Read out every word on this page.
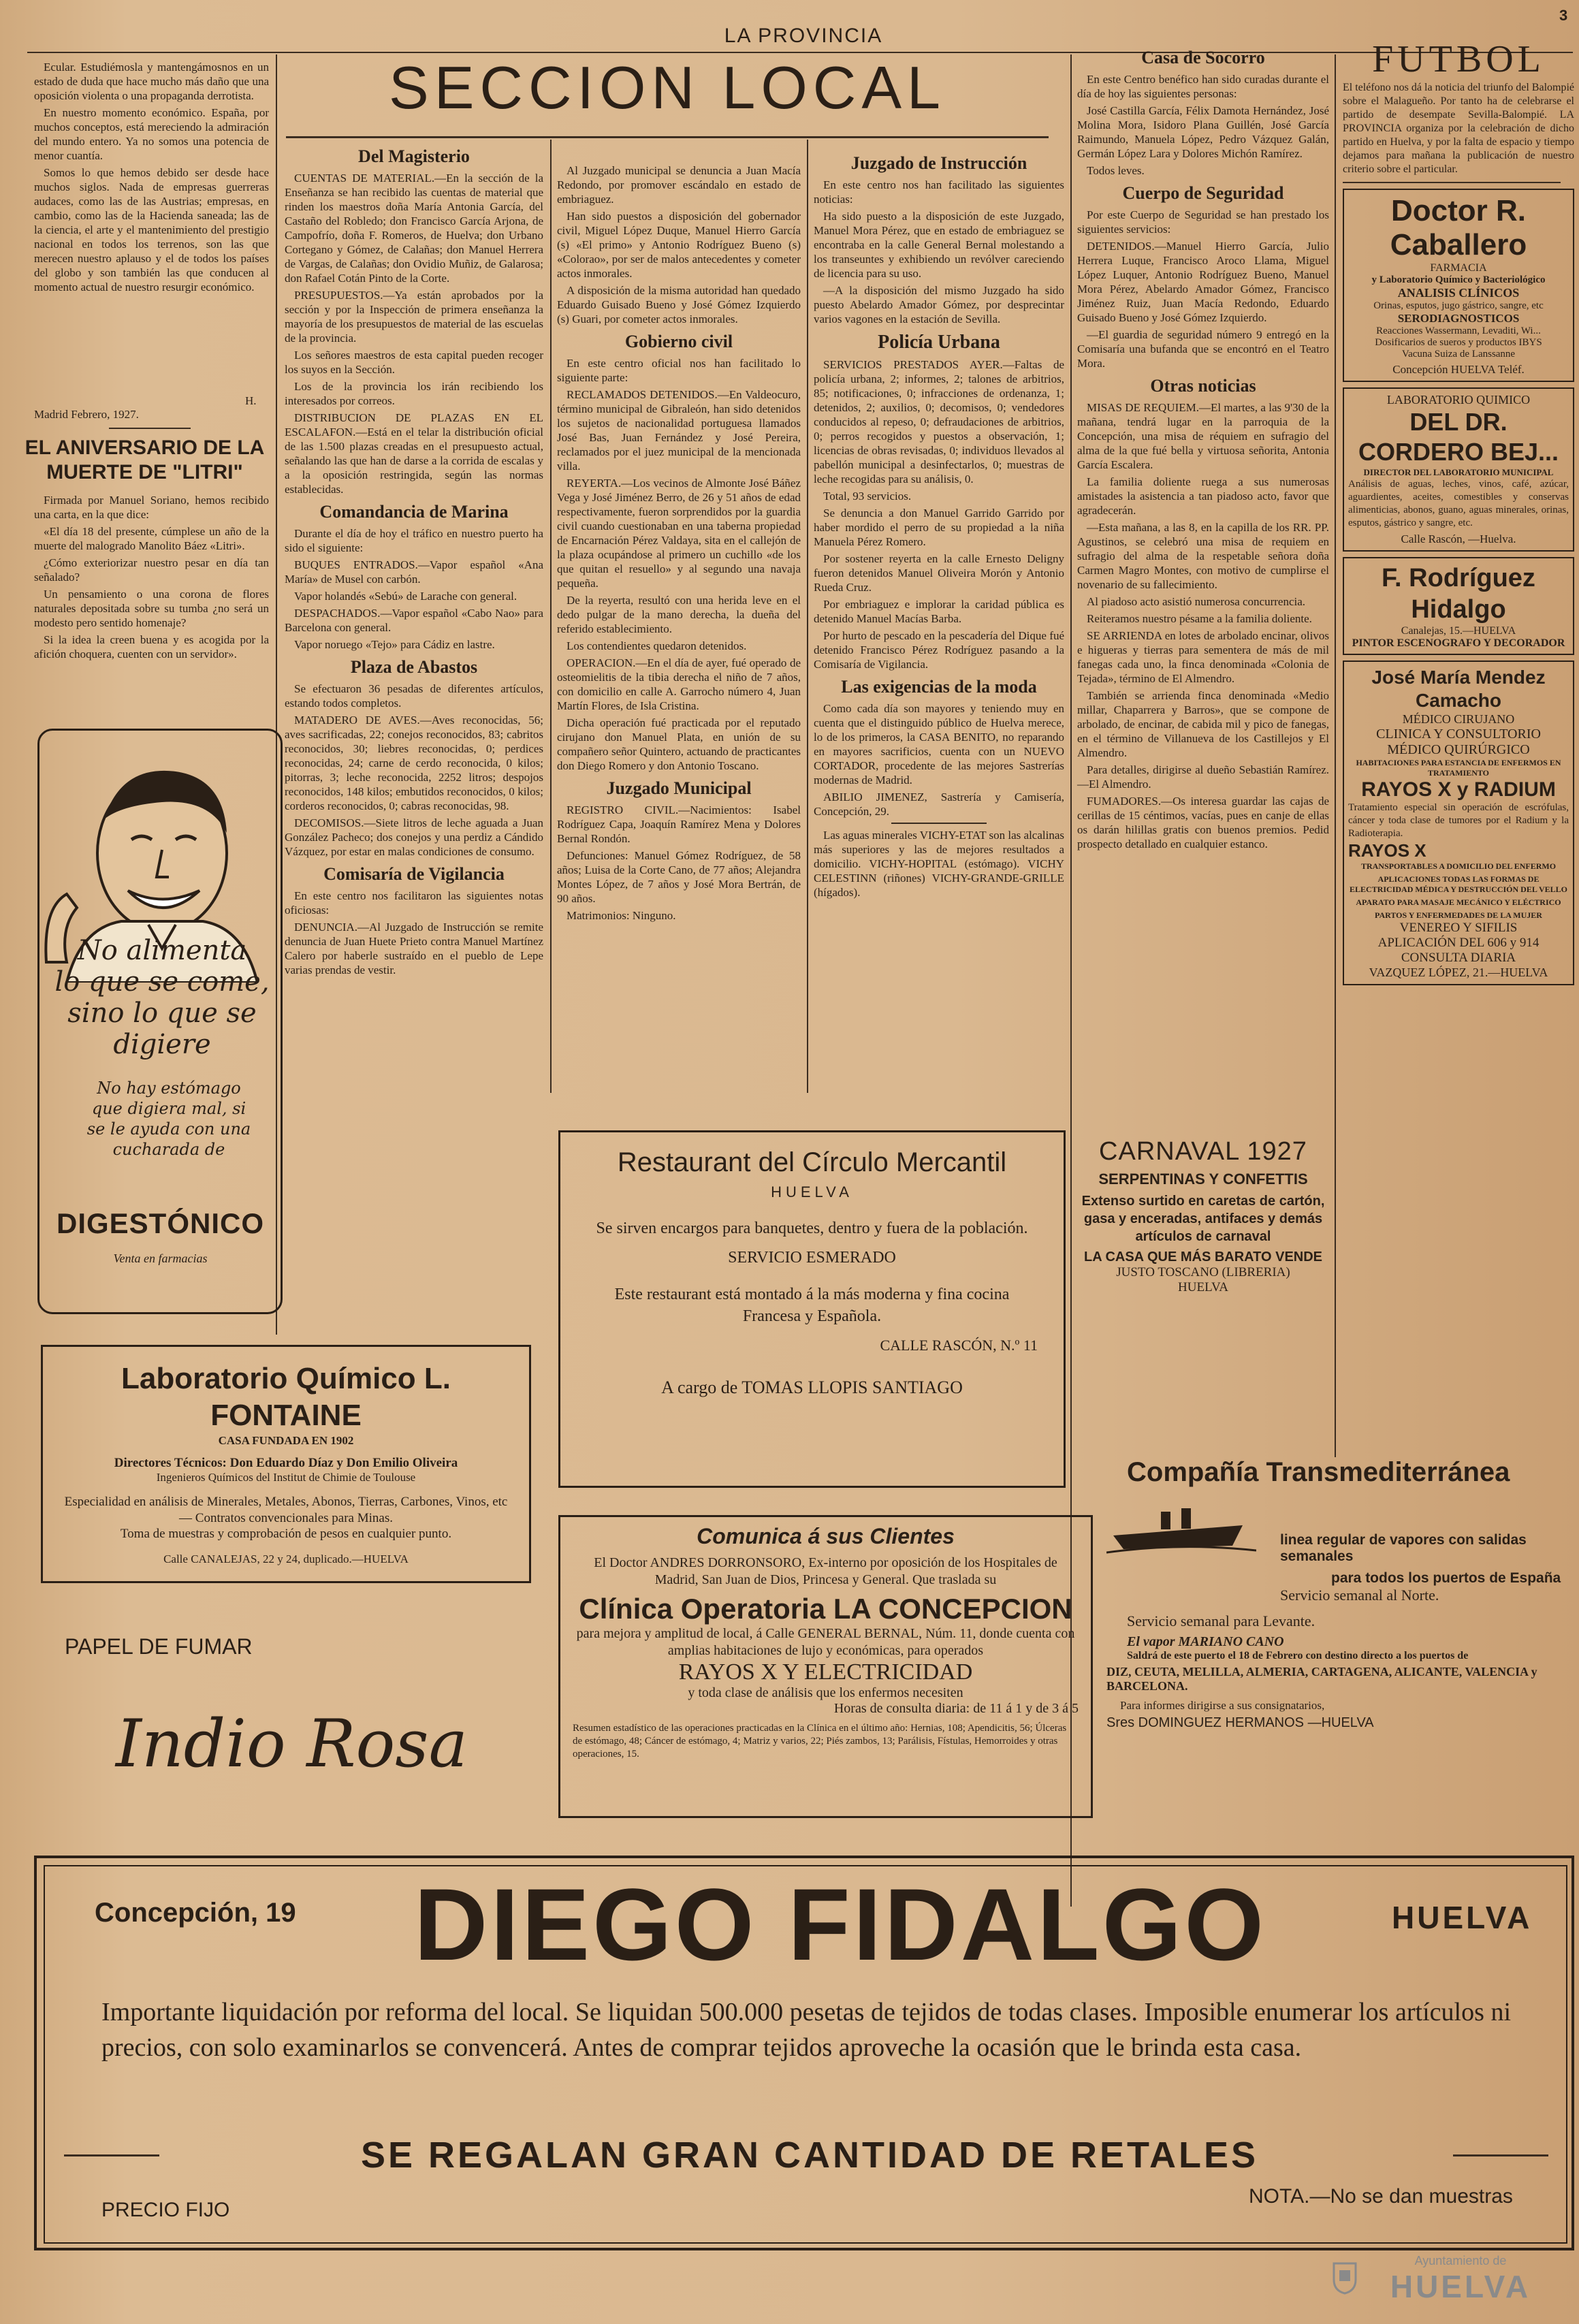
LA PROVINCIA
3
SECCION LOCAL

Ecular. Estudiémosla y mantengámosnos en un estado de duda que hace mucho más daño que una oposición violenta o una propaganda derrotista.

En nuestro momento económico. España, por muchos conceptos, está mereciendo la admiración del mundo entero. Ya no somos una potencia de menor cuantía.

Somos lo que hemos debido ser desde hace muchos siglos. Nada de empresas guerreras audaces, como las de las Austrias; empresas, en cambio, como las de la Hacienda saneada; las de la ciencia, el arte y el mantenimiento del prestigio nacional en todos los terrenos, son las que merecen nuestro aplauso y el de todos los países del globo y son también las que conducen al momento actual de nuestro resurgir económico.

Madrid Febrero, 1927.
H.
EL ANIVERSARIO DE LA MUERTE DE "LITRI"

Firmada por Manuel Soriano, hemos recibido una carta, en la que dice:

«El día 18 del presente, cúmplese un año de la muerte del malogrado Manolito Báez «Litri».

¿Cómo exteriorizar nuestro pesar en día tan señalado?

Un pensamiento o una corona de flores naturales depositada sobre su tumba ¿no será un modesto pero sentido homenaje?

Si la idea la creen buena y es acogida por la afición choquera, cuenten con un servidor».

No alimenta
lo que se come,
sino lo que se
digiere
No hay estómago que digiera mal, si se le ayuda con una cucharada de
DIGESTÓNICO
Venta en farmacias
Del Magisterio

CUENTAS DE MATERIAL.—En la sección de la Enseñanza se han recibido las cuentas de material que rinden los maestros doña María Antonia García, del Castaño del Robledo; don Francisco García Arjona, de Campofrío, doña F. Romeros, de Huelva; don Urbano Cortegano y Gómez, de Calañas; don Manuel Herrera de Vargas, de Calañas; don Ovidio Muñiz, de Galarosa; don Rafael Cotán Pinto de la Corte.

PRESUPUESTOS.—Ya están aprobados por la sección y por la Inspección de primera enseñanza la mayoría de los presupuestos de material de las escuelas de la provincia.

Los señores maestros de esta capital pueden recoger los suyos en la Sección.

Los de la provincia los irán recibiendo los interesados por correos.

DISTRIBUCION DE PLAZAS EN EL ESCALAFON.—Está en el telar la distribución oficial de las 1.500 plazas creadas en el presupuesto actual, señalando las que han de darse a la corrida de escalas y a la oposición restringida, según las normas establecidas.

Comandancia de Marina

Durante el día de hoy el tráfico en nuestro puerto ha sido el siguiente:

BUQUES ENTRADOS.—Vapor español «Ana María» de Musel con carbón.

Vapor holandés «Sebú» de Larache con general.

DESPACHADOS.—Vapor español «Cabo Nao» para Barcelona con general.

Vapor noruego «Tejo» para Cádiz en lastre.

Plaza de Abastos

Se efectuaron 36 pesadas de diferentes artículos, estando todos completos.

MATADERO DE AVES.—Aves reconocidas, 56; aves sacrificadas, 22; conejos reconocidos, 83; cabritos reconocidos, 30; liebres reconocidas, 0; perdices reconocidas, 24; carne de cerdo reconocida, 0 kilos; pitorras, 3; leche reconocida, 2252 litros; despojos reconocidos, 148 kilos; embutidos reconocidos, 0 kilos; corderos reconocidos, 0; cabras reconocidas, 98.

DECOMISOS.—Siete litros de leche aguada a Juan González Pacheco; dos conejos y una perdiz a Cándido Vázquez, por estar en malas condiciones de consumo.

Comisaría de Vigilancia

En este centro nos facilitaron las siguientes notas oficiosas:

DENUNCIA.—Al Juzgado de Instrucción se remite denuncia de Juan Huete Prieto contra Manuel Martínez Calero por haberle sustraído en el pueblo de Lepe varias prendas de vestir.

Al Juzgado municipal se denuncia a Juan Macía Redondo, por promover escándalo en estado de embriaguez.

Han sido puestos a disposición del gobernador civil, Miguel López Duque, Manuel Hierro García (s) «El primo» y Antonio Rodríguez Bueno (s) «Colorao», por ser de malos antecedentes y cometer actos inmorales.

A disposición de la misma autoridad han quedado Eduardo Guisado Bueno y José Gómez Izquierdo (s) Guari, por cometer actos inmorales.

Gobierno civil

En este centro oficial nos han facilitado lo siguiente parte:

RECLAMADOS DETENIDOS.—En Valdeocuro, término municipal de Gibraleón, han sido detenidos los sujetos de nacionalidad portuguesa llamados José Bas, Juan Fernández y José Pereira, reclamados por el juez municipal de la mencionada villa.

REYERTA.—Los vecinos de Almonte José Báñez Vega y José Jiménez Berro, de 26 y 51 años de edad respectivamente, fueron sorprendidos por la guardia civil cuando cuestionaban en una taberna propiedad de Encarnación Pérez Valdaya, sita en el callejón de la plaza ocupándose al primero un cuchillo «de los que quitan el resuello» y al segundo una navaja pequeña.

De la reyerta, resultó con una herida leve en el dedo pulgar de la mano derecha, la dueña del referido establecimiento.

Los contendientes quedaron detenidos.

OPERACION.—En el día de ayer, fué operado de osteomielitis de la tibia derecha el niño de 7 años, con domicilio en calle A. Garrocho número 4, Juan Martín Flores, de Isla Cristina.

Dicha operación fué practicada por el reputado cirujano don Manuel Plata, en unión de su compañero señor Quintero, actuando de practicantes don Diego Romero y don Antonio Toscano.

Juzgado Municipal

REGISTRO CIVIL.—Nacimientos: Isabel Rodríguez Capa, Joaquín Ramírez Mena y Dolores Bernal Rondón.

Defunciones: Manuel Gómez Rodríguez, de 58 años; Luisa de la Corte Cano, de 77 años; Alejandra Montes López, de 7 años y José Mora Bertrán, de 90 años.

Matrimonios: Ninguno.

Juzgado de Instrucción

En este centro nos han facilitado las siguientes noticias:

Ha sido puesto a la disposición de este Juzgado, Manuel Mora Pérez, que en estado de embriaguez se encontraba en la calle General Bernal molestando a los transeuntes y exhibiendo un revólver careciendo de licencia para su uso.

—A la disposición del mismo Juzgado ha sido puesto Abelardo Amador Gómez, por desprecintar varios vagones en la estación de Sevilla.

Policía Urbana

SERVICIOS PRESTADOS AYER.—Faltas de policía urbana, 2; informes, 2; talones de arbitrios, 85; notificaciones, 0; infracciones de ordenanza, 1; detenidos, 2; auxilios, 0; decomisos, 0; vendedores conducidos al repeso, 0; defraudaciones de arbitrios, 0; perros recogidos y puestos a observación, 1; licencias de obras revisadas, 0; individuos llevados al pabellón municipal a desinfectarlos, 0; muestras de leche recogidas para su análisis, 0.

Total, 93 servicios.

Se denuncia a don Manuel Garrido Garrido por haber mordido el perro de su propiedad a la niña Manuela Pérez Romero.

Por sostener reyerta en la calle Ernesto Deligny fueron detenidos Manuel Oliveira Morón y Antonio Rueda Cruz.

Por embriaguez e implorar la caridad pública es detenido Manuel Macías Barba.

Por hurto de pescado en la pescadería del Dique fué detenido Francisco Pérez Rodríguez pasando a la Comisaría de Vigilancia.

Las exigencias de la moda

Como cada día son mayores y teniendo muy en cuenta que el distinguido público de Huelva merece, lo de los primeros, la CASA BENITO, no reparando en mayores sacrificios, cuenta con un NUEVO CORTADOR, procedente de las mejores Sastrerías modernas de Madrid.

ABILIO JIMENEZ, Sastrería y Camisería, Concepción, 29.

Las aguas minerales VICHY-ETAT son las alcalinas más superiores y las de mejores resultados a domicilio. VICHY-HOPITAL (estómago). VICHY CELESTINN (riñones) VICHY-GRANDE-GRILLE (hígados).

Casa de Socorro

En este Centro benéfico han sido curadas durante el día de hoy las siguientes personas:

José Castilla García, Félix Damota Hernández, José Molina Mora, Isidoro Plana Guillén, José García Raimundo, Manuela López, Pedro Vázquez Galán, Germán López Lara y Dolores Michón Ramírez.

Todos leves.

Cuerpo de Seguridad

Por este Cuerpo de Seguridad se han prestado los siguientes servicios:

DETENIDOS.—Manuel Hierro García, Julio Herrera Luque, Francisco Aroco Llama, Miguel López Luquer, Antonio Rodríguez Bueno, Manuel Mora Pérez, Abelardo Amador Gómez, Francisco Jiménez Ruiz, Juan Macía Redondo, Eduardo Guisado Bueno y José Gómez Izquierdo.

—El guardia de seguridad número 9 entregó en la Comisaría una bufanda que se encontró en el Teatro Mora.

Otras noticias

MISAS DE REQUIEM.—El martes, a las 9'30 de la mañana, tendrá lugar en la parroquia de la Concepción, una misa de réquiem en sufragio del alma de la que fué bella y virtuosa señorita, Antonia García Escalera.

La familia doliente ruega a sus numerosas amistades la asistencia a tan piadoso acto, favor que agradecerán.

—Esta mañana, a las 8, en la capilla de los RR. PP. Agustinos, se celebró una misa de requiem en sufragio del alma de la respetable señora doña Carmen Magro Montes, con motivo de cumplirse el novenario de su fallecimiento.

Al piadoso acto asistió numerosa concurrencia.

Reiteramos nuestro pésame a la familia doliente.

SE ARRIENDA en lotes de arbolado encinar, olivos e higueras y tierras para sementera de más de mil fanegas cada uno, la finca denominada «Colonia de Tejada», término de El Almendro.

También se arrienda finca denominada «Medio millar, Chaparrera y Barros», que se compone de arbolado, de encinar, de cabida mil y pico de fanegas, en el término de Villanueva de los Castillejos y El Almendro.

Para detalles, dirigirse al dueño Sebastián Ramírez.—El Almendro.

FUMADORES.—Os interesa guardar las cajas de cerillas de 15 céntimos, vacías, pues en canje de ellas os darán hilillas gratis con buenos premios. Pedid prospecto detallado en cualquier estanco.

CARNAVAL 1927
SERPENTINAS Y CONFETTIS
Extenso surtido en caretas de cartón, gasa y enceradas, antifaces y demás artículos de carnaval
LA CASA QUE MÁS BARATO VENDE
JUSTO TOSCANO (LIBRERIA)
HUELVA
FUTBOL
El teléfono nos dá la noticia del triunfo del Balompié sobre el Malagueño. Por tanto ha de celebrarse el partido de desempate Sevilla-Balompié. LA PROVINCIA organiza por la celebración de dicho partido en Huelva, y por la falta de espacio y tiempo dejamos para mañana la publicación de nuestro criterio sobre el particular.
Doctor R. Caballero
FARMACIA
y Laboratorio Químico y Bacteriológico
ANALISIS CLÍNICOS
Orinas, esputos, jugo gástrico, sangre, etc
SERODIAGNOSTICOS
Reacciones Wassermann, Levaditi, Wi...
Dosificarios de sueros y productos IBYS
Vacuna Suiza de Lanssanne
Concepción HUELVA Teléf.
LABORATORIO QUIMICO
DEL DR. CORDERO BEJ...
DIRECTOR DEL LABORATORIO MUNICIPAL
Análisis de aguas, leches, vinos, café, azúcar, aguardientes, aceites, comestibles y conservas alimenticias, abonos, guano, aguas minerales, orinas, esputos, gástrico y sangre, etc.
Calle Rascón, —Huelva.
F. Rodríguez Hidalgo
Canalejas, 15.—HUELVA
PINTOR ESCENOGRAFO Y DECORADOR
José María Mendez Camacho
MÉDICO CIRUJANO
CLINICA Y CONSULTORIO
MÉDICO QUIRÚRGICO
HABITACIONES PARA ESTANCIA DE ENFERMOS EN TRATAMIENTO
RAYOS X y RADIUM
Tratamiento especial sin operación de escrófulas, cáncer y toda clase de tumores por el Radium y la Radioterapia.
RAYOS X
TRANSPORTABLES A DOMICILIO DEL ENFERMO
APLICACIONES TODAS LAS FORMAS DE ELECTRICIDAD MÉDICA Y DESTRUCCIÓN DEL VELLO
APARATO PARA MASAJE MECÁNICO Y ELÉCTRICO
PARTOS Y ENFERMEDADES DE LA MUJER
VENEREO Y SIFILIS
APLICACIÓN DEL 606 y 914
CONSULTA DIARIA
VAZQUEZ LÓPEZ, 21.—HUELVA
Laboratorio Químico L. FONTAINE
CASA FUNDADA EN 1902
Directores Técnicos: Don Eduardo Díaz y Don Emilio Oliveira
Ingenieros Químicos del Institut de Chimie de Toulouse
Especialidad en análisis de Minerales, Metales, Abonos, Tierras, Carbones, Vinos, etc — Contratos convencionales para Minas.
Toma de muestras y comprobación de pesos en cualquier punto.
Calle CANALEJAS, 22 y 24, duplicado.—HUELVA
PAPEL DE FUMAR
Indio Rosa
Restaurant del Círculo Mercantil
HUELVA
Se sirven encargos para banquetes, dentro y fuera de la población.
SERVICIO ESMERADO
Este restaurant está montado á la más moderna y fina cocina Francesa y Española.
CALLE RASCÓN, N.º 11
A cargo de TOMAS LLOPIS SANTIAGO
Comunica á sus Clientes
El Doctor ANDRES DORRONSORO, Ex-interno por oposición de los Hospitales de Madrid, San Juan de Dios, Princesa y General. Que traslada su
Clínica Operatoria LA CONCEPCION
para mejora y amplitud de local, á Calle GENERAL BERNAL, Núm. 11, donde cuenta con amplias habitaciones de lujo y económicas, para operados
RAYOS X Y ELECTRICIDAD
y toda clase de análisis que los enfermos necesiten
Horas de consulta diaria: de 11 á 1 y de 3 á 5
Resumen estadístico de las operaciones practicadas en la Clínica en el último año: Hernias, 108; Apendicitis, 56; Úlceras de estómago, 48; Cáncer de estómago, 4; Matriz y varios, 22; Piés zambos, 13; Parálisis, Fístulas, Hemorroides y otras operaciones, 15.
Compañía Transmediterránea
linea regular de vapores con salidas semanales
para todos los puertos de España
Servicio semanal al Norte.
Servicio semanal para Levante.
El vapor MARIANO CANO
Saldrá de este puerto el 18 de Febrero con destino directo a los puertos de
DIZ, CEUTA, MELILLA, ALMERIA, CARTAGENA, ALICANTE, VALENCIA y BARCELONA.
Para informes dirigirse a sus consignatarios,
Sres DOMINGUEZ HERMANOS —HUELVA
Concepción, 19	DIEGO FIDALGO	HUELVA
Importante liquidación por reforma del local. Se liquidan 500.000 pesetas de tejidos de todas clases. Imposible enumerar los artículos ni precios, con solo examinarlos se convencerá. Antes de comprar tejidos aproveche la ocasión que le brinda esta casa.
SE REGALAN GRAN CANTIDAD DE RETALES
PRECIO FIJO
NOTA.—No se dan muestras
Ayuntamiento de
HUELVA
